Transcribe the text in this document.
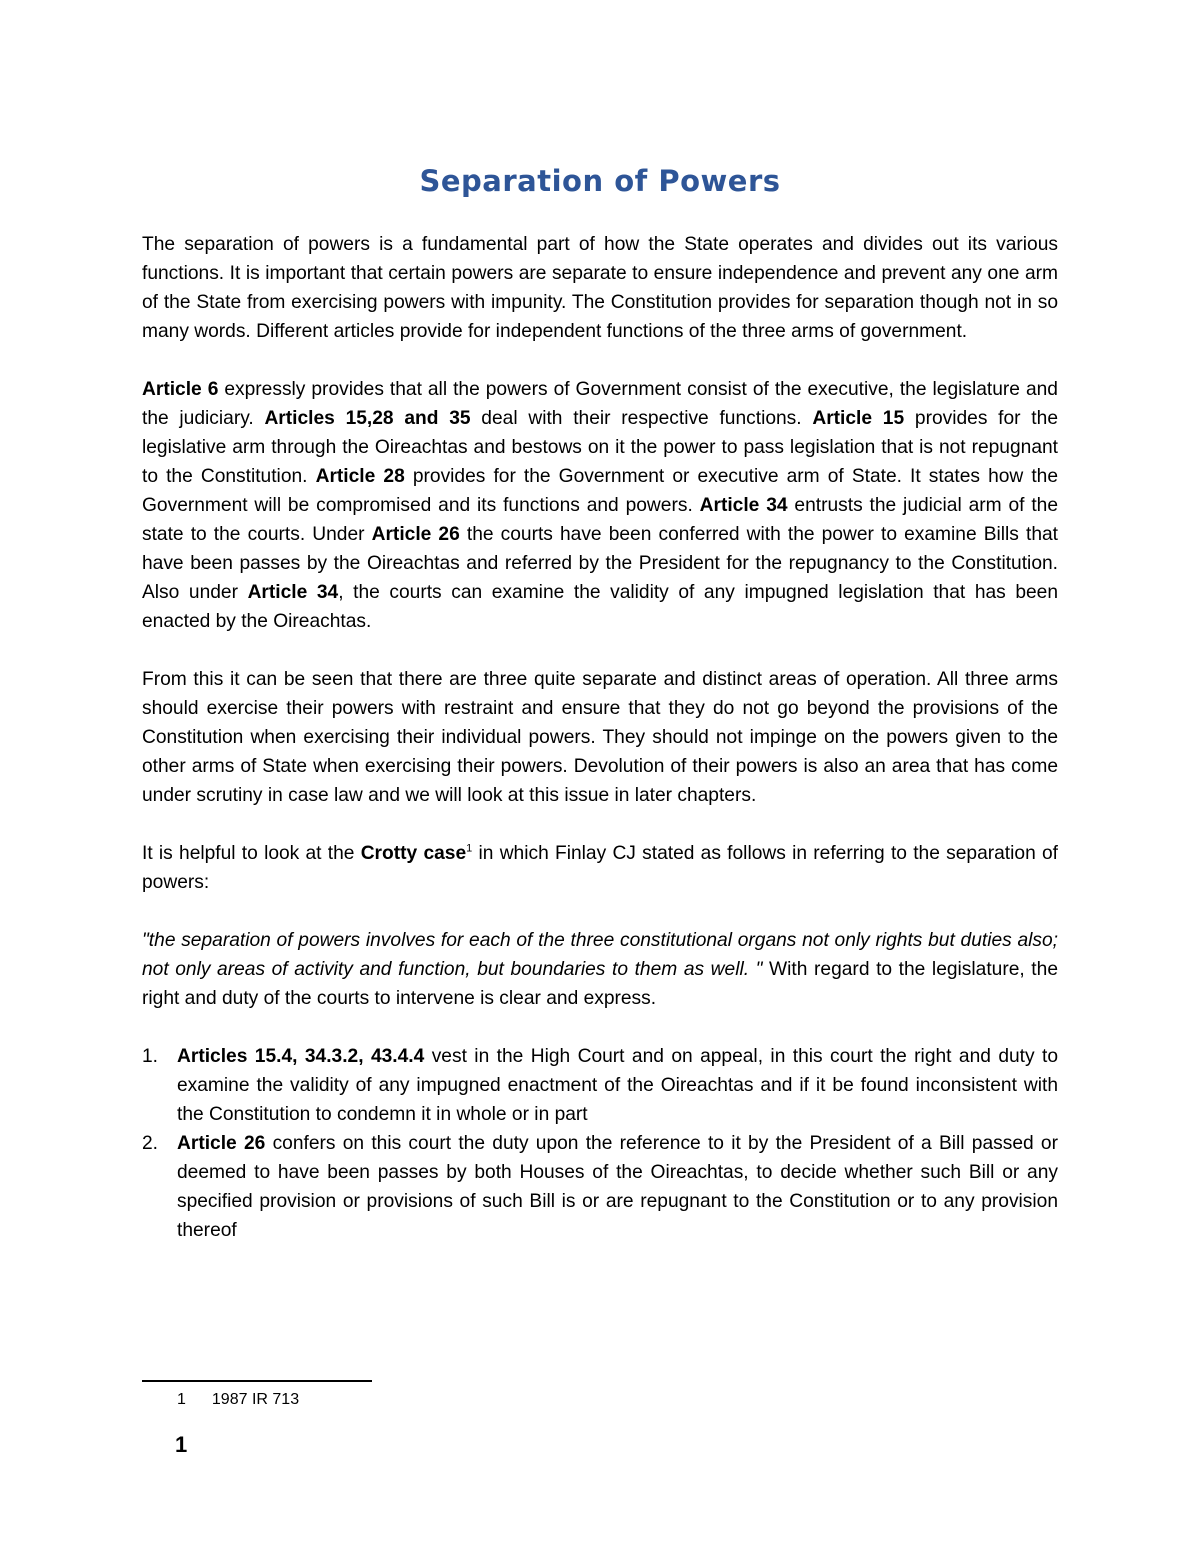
Separation of Powers

The separation of powers is a fundamental part of how the State operates and divides out its various functions. It is important that certain powers are separate to ensure independence and prevent any one arm of the State from exercising powers with impunity. The Constitution provides for separation though not in so many words. Different articles provide for independent functions of the three arms of government.

Article 6 expressly provides that all the powers of Government consist of the executive, the legislature and the judiciary. Articles 15,28 and 35 deal with their respective functions. Article 15 provides for the legislative arm through the Oireachtas and bestows on it the power to pass legislation that is not repugnant to the Constitution. Article 28 provides for the Government or executive arm of State. It states how the Government will be compromised and its functions and powers. Article 34 entrusts the judicial arm of the state to the courts. Under Article 26 the courts have been conferred with the power to examine Bills that have been passes by the Oireachtas and referred by the President for the repugnancy to the Constitution. Also under Article 34, the courts can examine the validity of any impugned legislation that has been enacted by the Oireachtas.

From this it can be seen that there are three quite separate and distinct areas of operation. All three arms should exercise their powers with restraint and ensure that they do not go beyond the provisions of the Constitution when exercising their individual powers. They should not impinge on the powers given to the other arms of State when exercising their powers. Devolution of their powers is also an area that has come under scrutiny in case law and we will look at this issue in later chapters.

It is helpful to look at the Crotty case$^1$ in which Finlay CJ stated as follows in referring to the separation of powers:

"the separation of powers involves for each of the three constitutional organs not only rights but duties also; not only areas of activity and function, but boundaries to them as well. " With regard to the legislature, the right and duty of the courts to intervene is clear and express.

1. Articles 15.4, 34.3.2, 43.4.4 vest in the High Court and on appeal, in this court the right and duty to examine the validity of any impugned enactment of the Oireachtas and if it be found inconsistent with the Constitution to condemn it in whole or in part
2. Article 26 confers on this court the duty upon the reference to it by the President of a Bill passed or deemed to have been passes by both Houses of the Oireachtas, to decide whether such Bill or any specified provision or provisions of such Bill is or are repugnant to the Constitution or to any provision thereof
1 1987 IR 713
1
